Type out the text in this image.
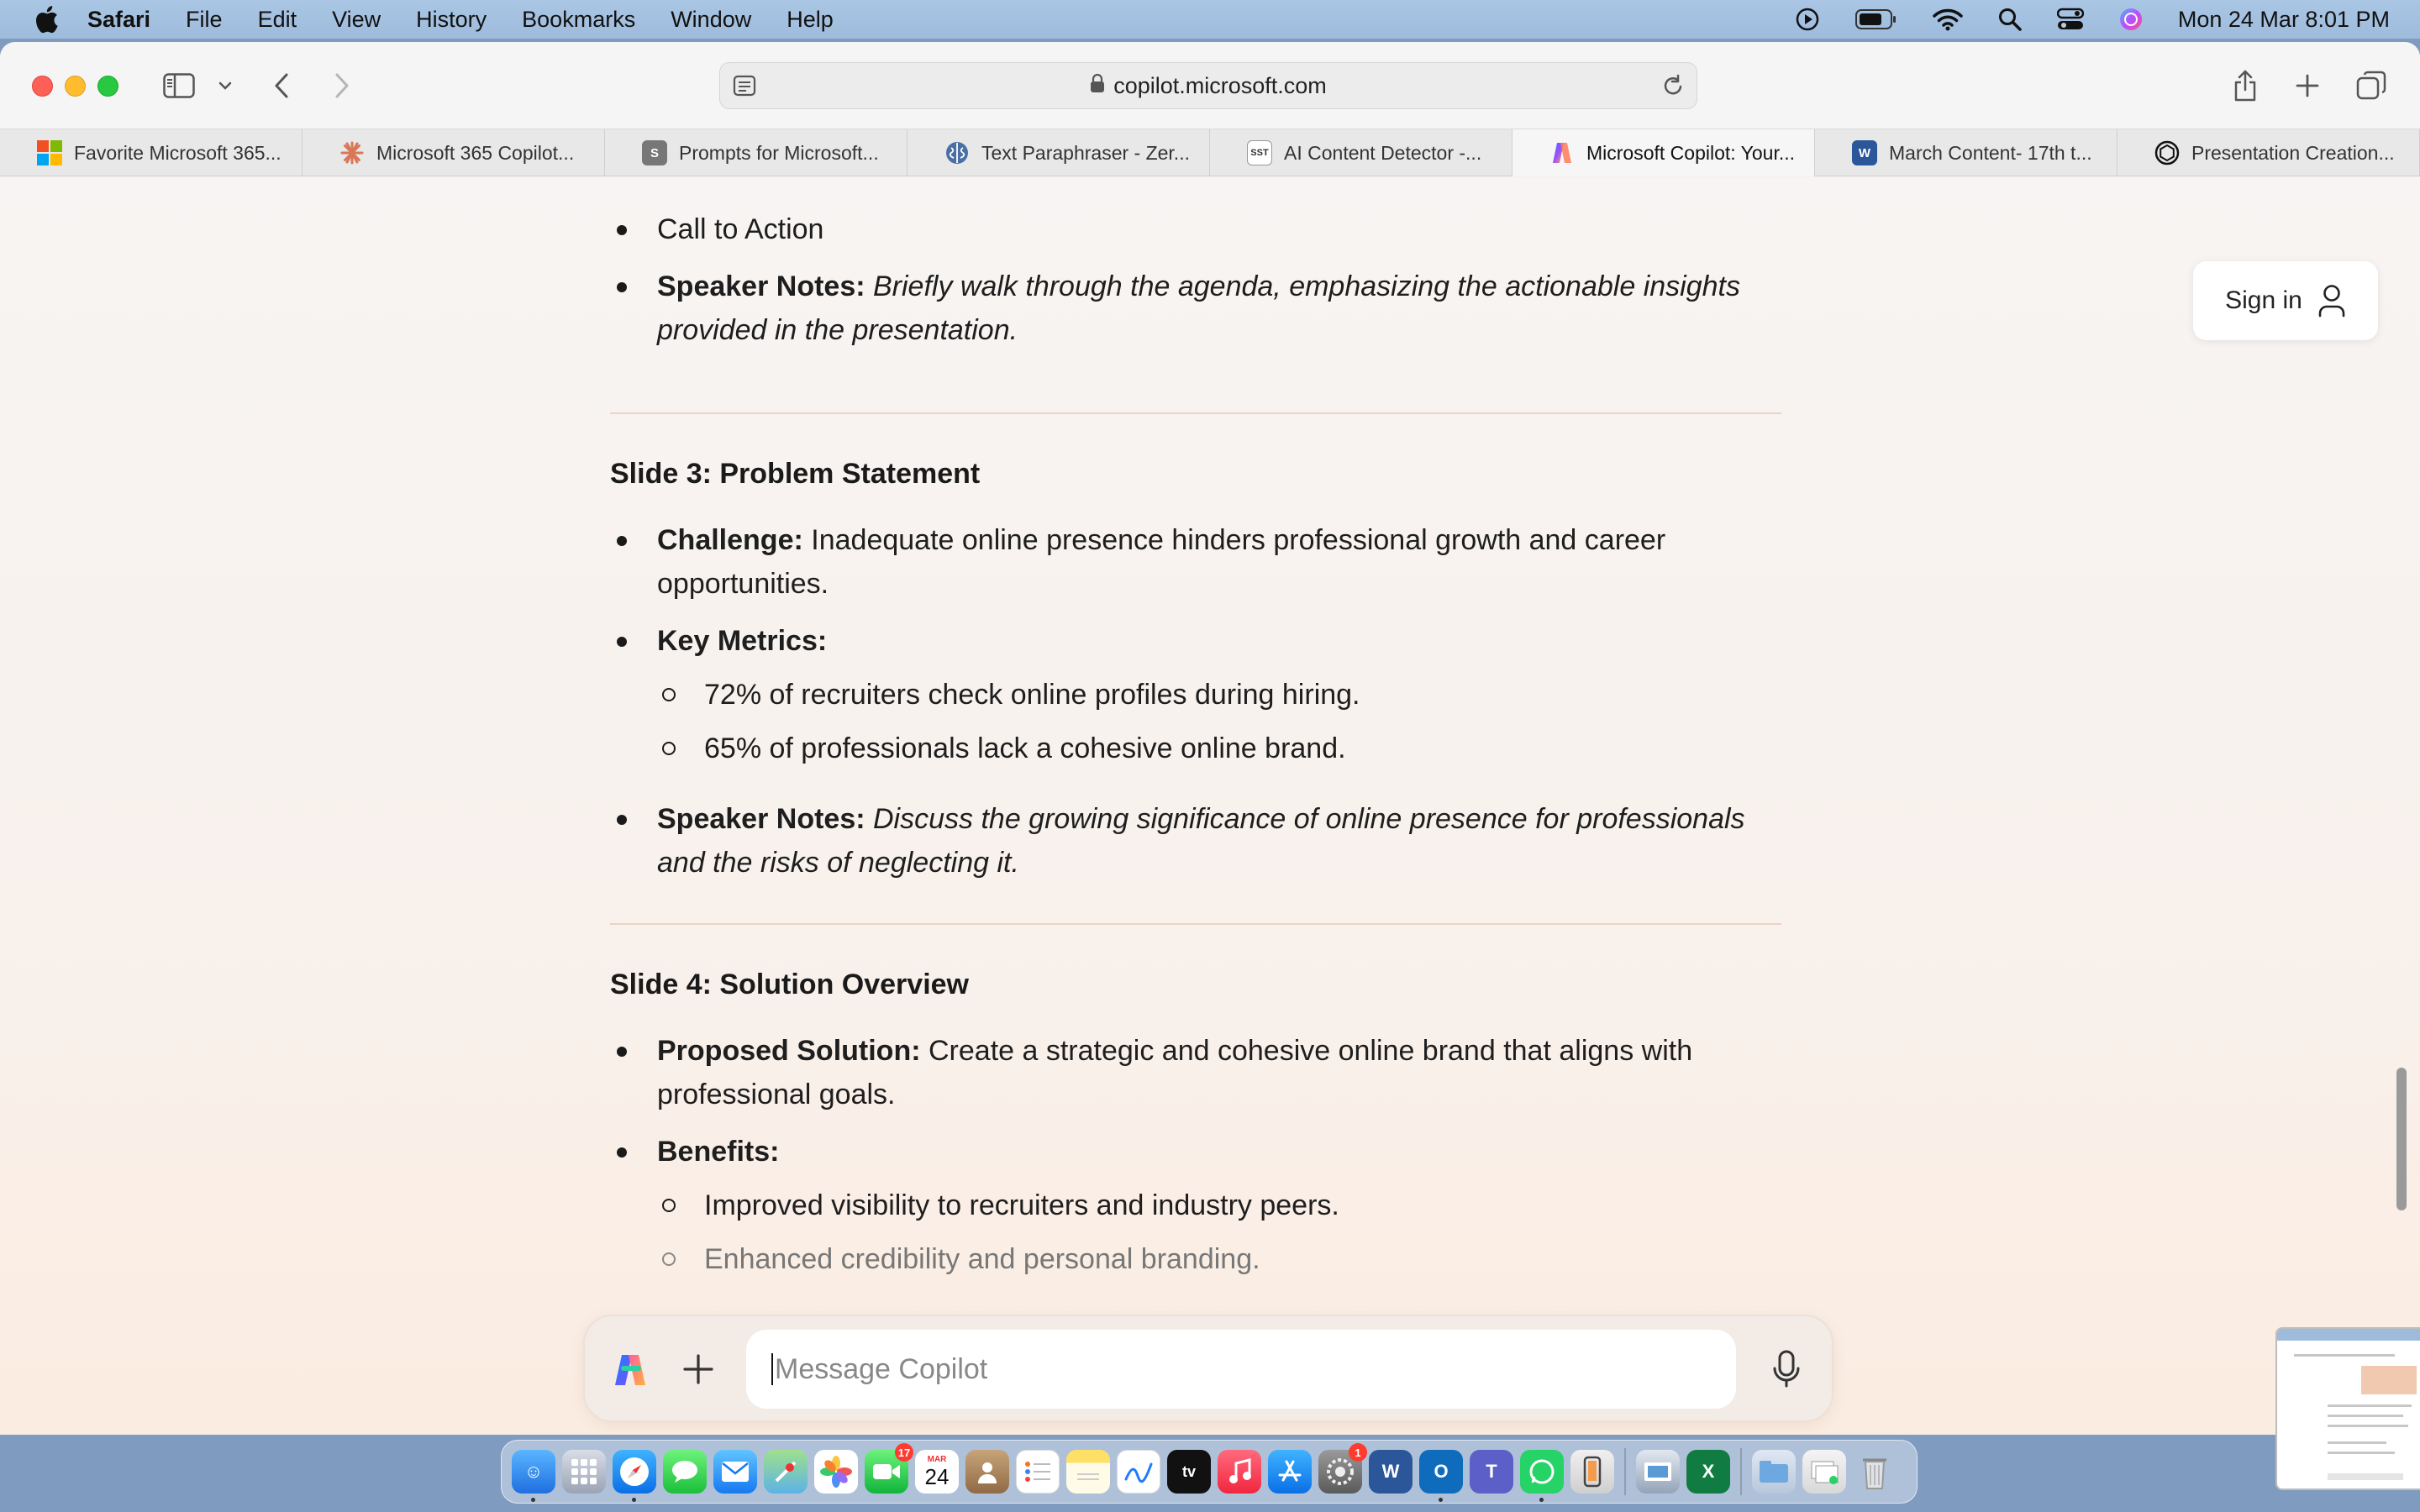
Safari File Edit View History Bookmarks Window Help	Mon 24 Mar 8:01 PM
copilot.microsoft.com
Favorite Microsoft 365...	Microsoft 365 Copilot...	S	Prompts for Microsoft...	Text Paraphraser - Zer...	SST AI Content Detector -...	Microsoft Copilot: Your...	W March Content- 17th t...	Presentation Creation...
Call to Action
Speaker Notes: Briefly walk through the agenda, emphasizing the actionable insights
provided in the presentation.
Slide 3: Problem Statement
Challenge: Inadequate online presence hinders professional growth and career
opportunities.
Key Metrics:
72% of recruiters check online profiles during hiring.
65% of professionals lack a cohesive online brand.
Speaker Notes: Discuss the growing significance of online presence for professionals
and the risks of neglecting it.
Slide 4: Solution Overview
Proposed Solution: Create a strategic and cohesive online brand that aligns with
professional goals.
Benefits:
Improved visibility to recruiters and industry peers.
Enhanced credibility and personal branding.
Sign in
Message Copilot
☺
17
MAR
24	tv
1
W	O	T	X
